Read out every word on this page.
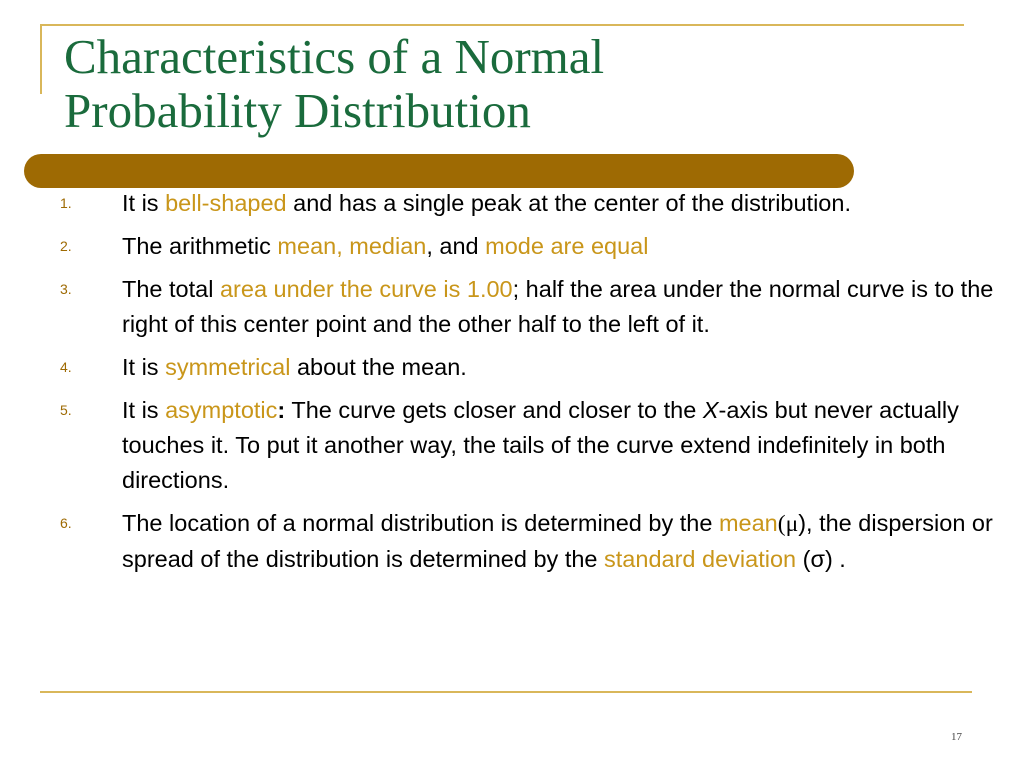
Characteristics of a Normal
Probability Distribution
1. It is bell-shaped and has a single peak at the center of the distribution.
2. The arithmetic mean, median, and mode are equal
3. The total area under the curve is 1.00; half the area under the normal curve is to the right of this center point and the other half to the left of it.
4. It is symmetrical about the mean.
5. It is asymptotic: The curve gets closer and closer to the X-axis but never actually touches it. To put it another way, the tails of the curve extend indefinitely in both directions.
6. The location of a normal distribution is determined by the mean(μ), the dispersion or spread of the distribution is determined by the standard deviation (σ) .
17
